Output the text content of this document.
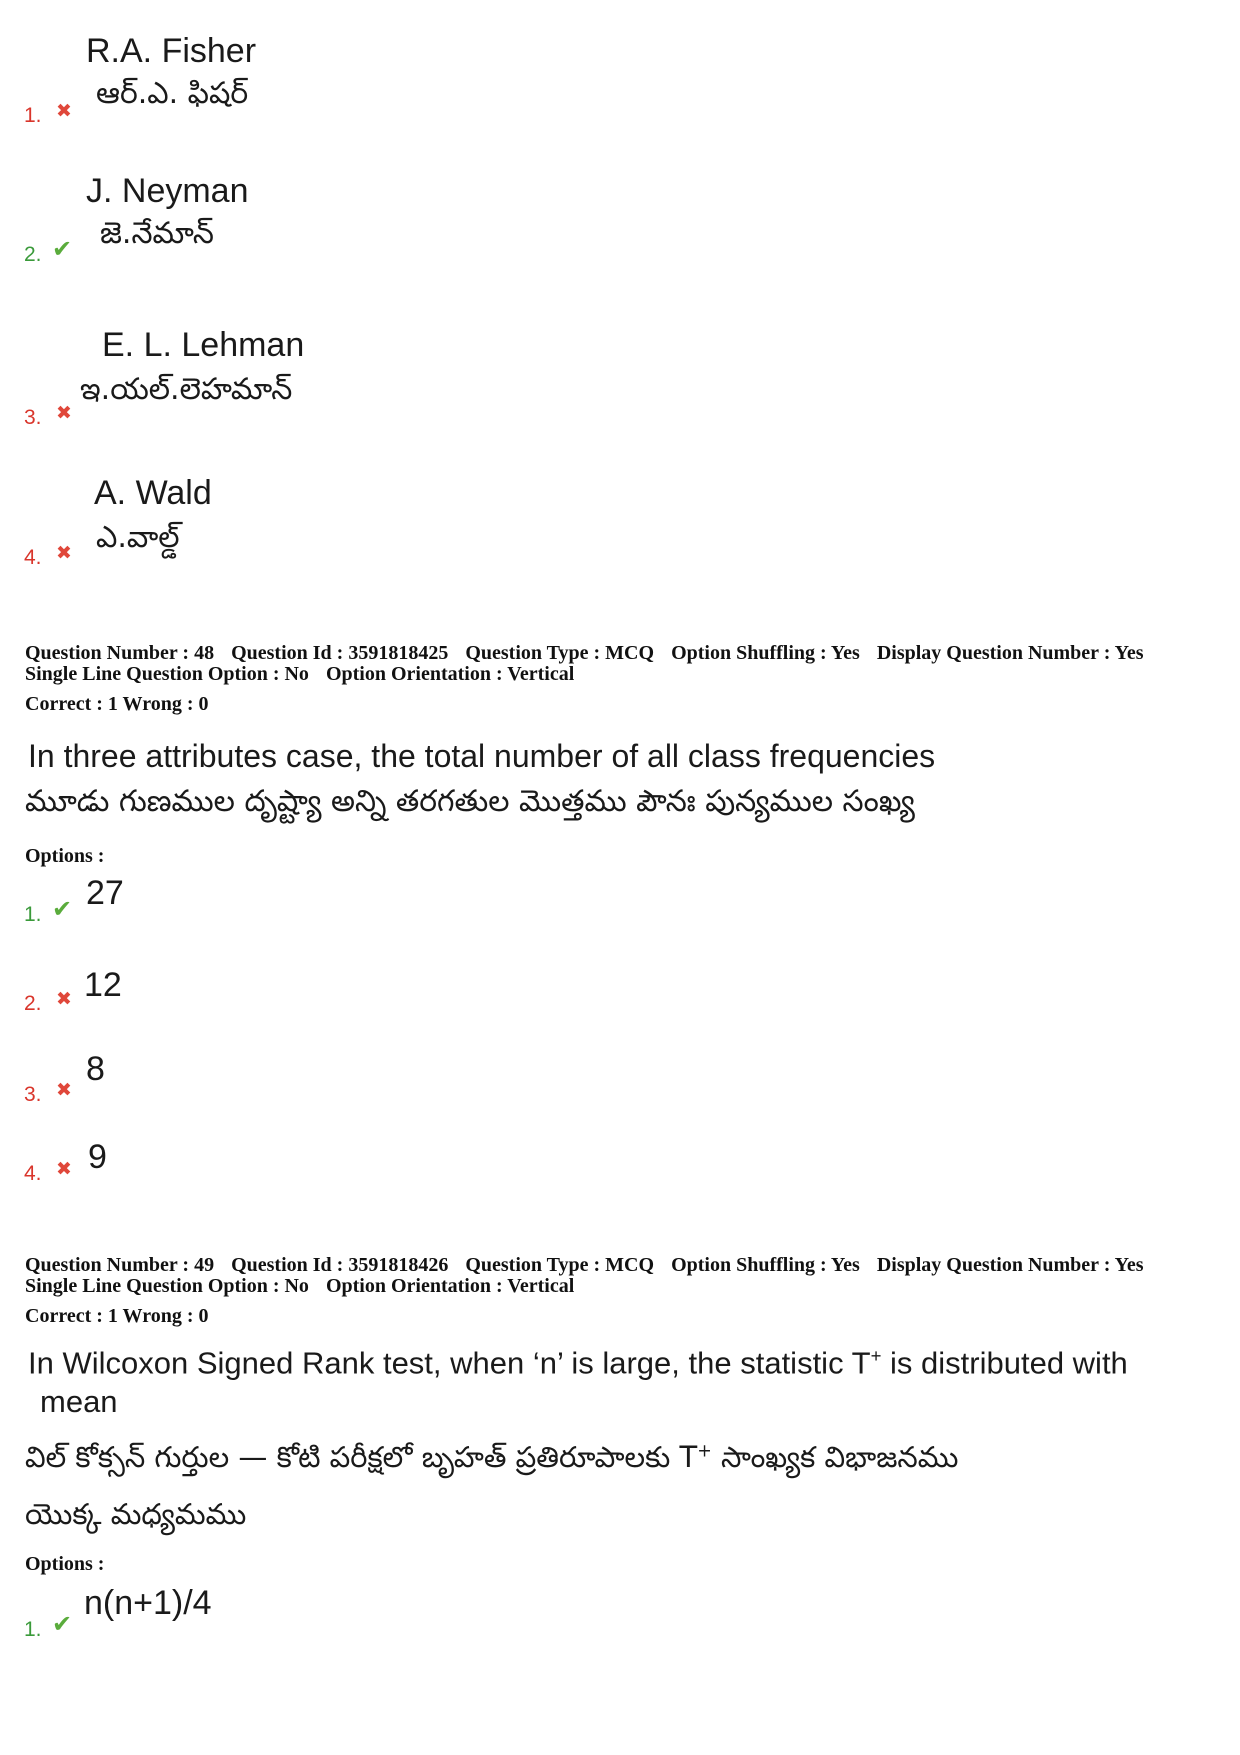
R.A. Fisher
ఆర్.ఎ. ఫిషర్
1. ✖
J. Neyman
జె.నేమాన్
2. ✔
E. L. Lehman
ఇ.యల్.లెహమాన్
3. ✖
A. Wald
ఎ.వాల్డ్
4. ✖
Question Number : 48 Question Id : 3591818425 Question Type : MCQ Option Shuffling : Yes Display Question Number : Yes
Single Line Question Option : No Option Orientation : Vertical
Correct : 1 Wrong : 0
In three attributes case, the total number of all class frequencies
మూడు గుణముల దృష్ట్యా అన్ని తరగతుల మొత్తము పౌనః పున్యముల సంఖ్య
Options :
1. ✔ 27
2. ✖ 12
3. ✖
8
4. ✖ 9
Question Number : 49 Question Id : 3591818426 Question Type : MCQ Option Shuffling : Yes Display Question Number : Yes
Single Line Question Option : No Option Orientation : Vertical
Correct : 1 Wrong : 0
In Wilcoxon Signed Rank test, when ‘n’ is large, the statistic T+ is distributed with
mean
విల్ కోక్సన్ గుర్తుల — కోటి పరీక్షలో బృహత్ ప్రతిరూపాలకు T+ సాంఖ్యక విభాజనము
యొక్క మధ్యమము
Options :
1. ✔
n(n+1)/4
